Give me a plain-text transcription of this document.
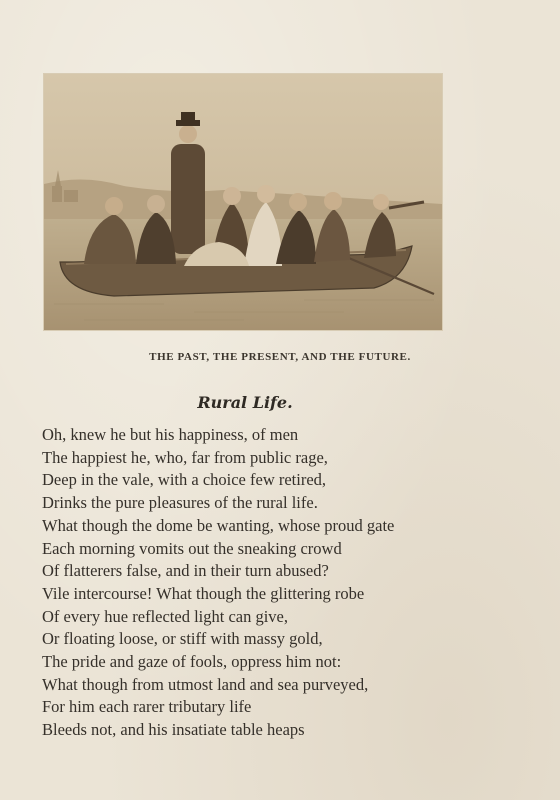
THE PAST, THE PRESENT, AND THE FUTURE.
Rural Life.
Oh, knew he but his happiness, of men
The happiest he, who, far from public rage,
Deep in the vale, with a choice few retired,
Drinks the pure pleasures of the rural life.
What though the dome be wanting, whose proud gate
Each morning vomits out the sneaking crowd
Of flatterers false, and in their turn abused?
Vile intercourse! What though the glittering robe
Of every hue reflected light can give,
Or floating loose, or stiff with massy gold,
The pride and gaze of fools, oppress him not:
What though from utmost land and sea purveyed,
For him each rarer tributary life
Bleeds not, and his insatiate table heaps
